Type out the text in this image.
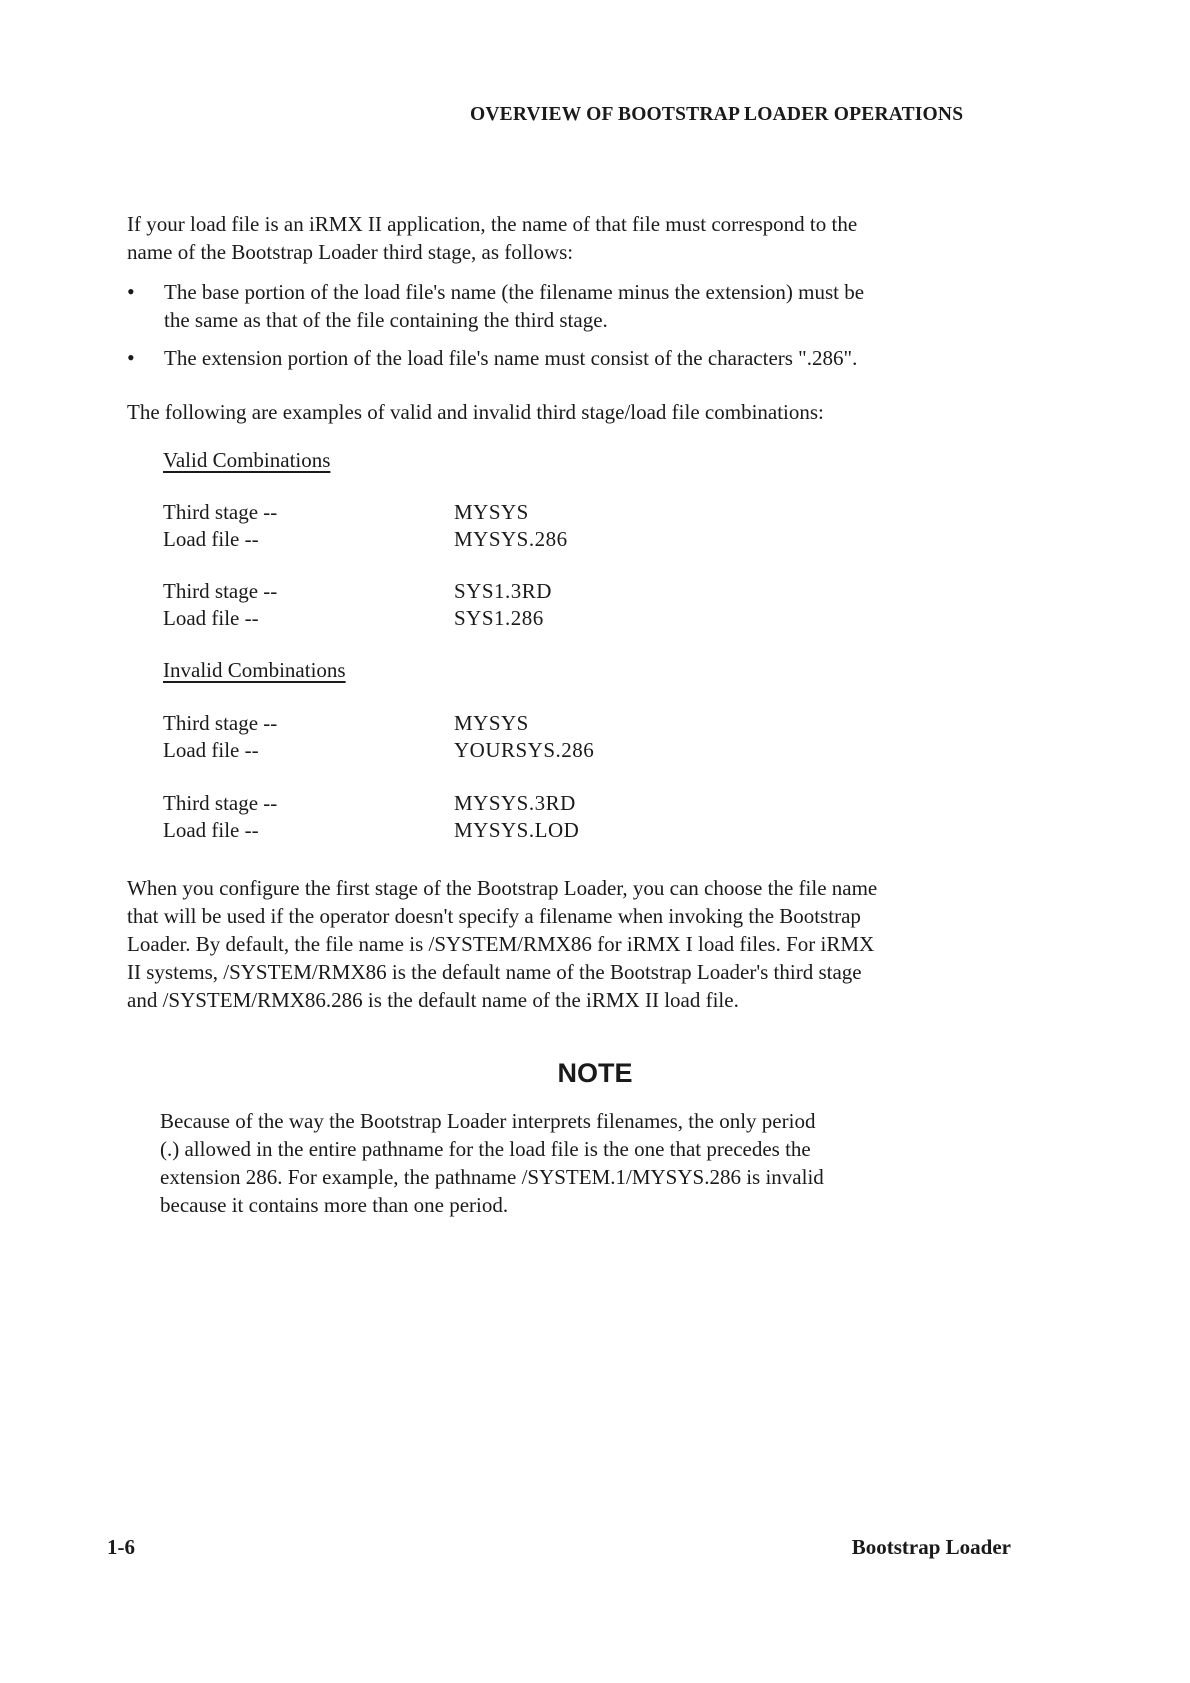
OVERVIEW OF BOOTSTRAP LOADER OPERATIONS
If your load file is an iRMX II application, the name of that file must correspond to the
name of the Bootstrap Loader third stage, as follows:
•	The base portion of the load file's name (the filename minus the extension) must be
the same as that of the file containing the third stage.
•	The extension portion of the load file's name must consist of the characters ".286".
The following are examples of valid and invalid third stage/load file combinations:
Valid Combinations
Third stage --	MYSYS
Load file --	MYSYS.286
Third stage --	SYS1.3RD
Load file --	SYS1.286
Invalid Combinations
Third stage --	MYSYS
Load file --	YOURSYS.286
Third stage --	MYSYS.3RD
Load file --	MYSYS.LOD
When you configure the first stage of the Bootstrap Loader, you can choose the file name
that will be used if the operator doesn't specify a filename when invoking the Bootstrap
Loader. By default, the file name is /SYSTEM/RMX86 for iRMX I load files. For iRMX
II systems, /SYSTEM/RMX86 is the default name of the Bootstrap Loader's third stage
and /SYSTEM/RMX86.286 is the default name of the iRMX II load file.
NOTE
Because of the way the Bootstrap Loader interprets filenames, the only period
(.) allowed in the entire pathname for the load file is the one that precedes the
extension 286. For example, the pathname /SYSTEM.1/MYSYS.286 is invalid
because it contains more than one period.
1-6	Bootstrap Loader
